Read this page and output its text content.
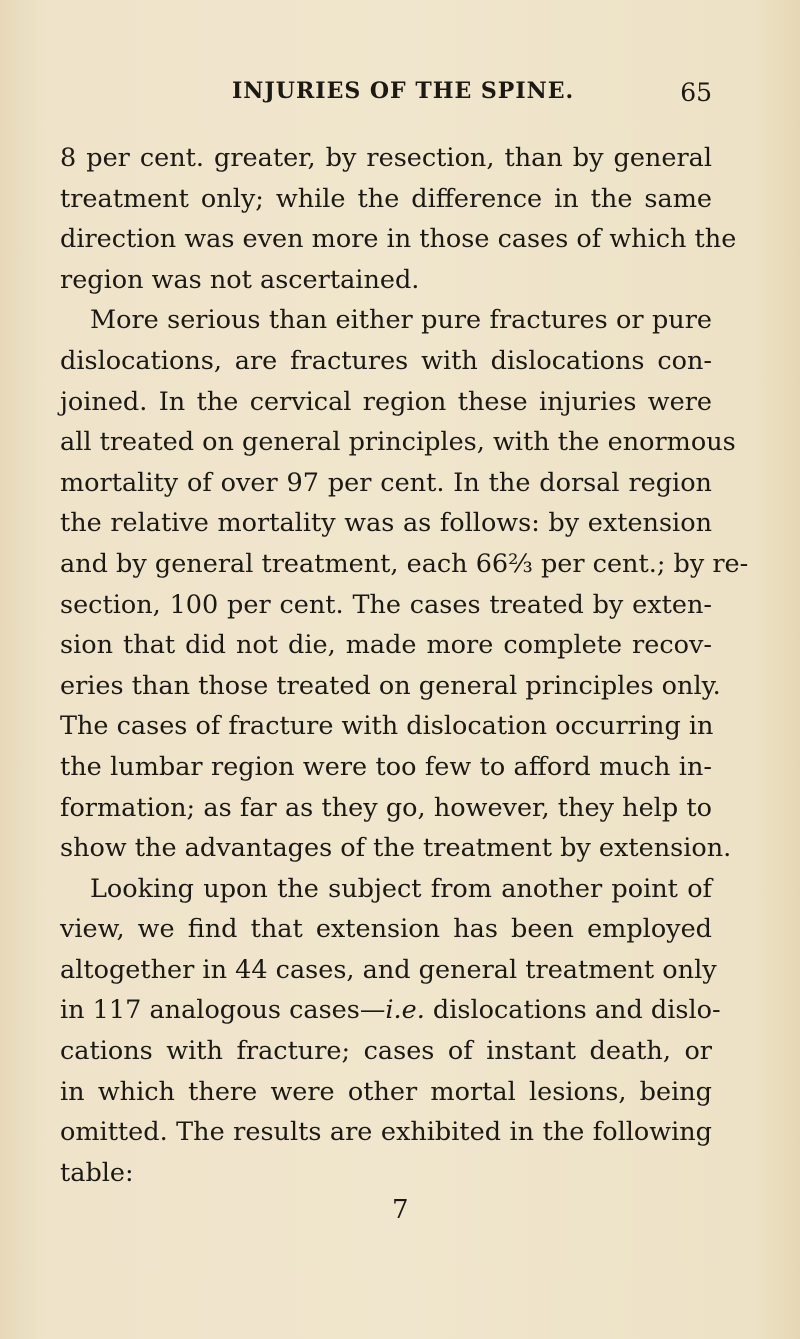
INJURIES OF THE SPINE.	65
8 per cent. greater, by resection, than by general
treatment only; while the difference in the same
direction was even more in those cases of which the
region was not ascertained.
More serious than either pure fractures or pure
dislocations, are fractures with dislocations con-
joined. In the cervical region these injuries were
all treated on general principles, with the enormous
mortality of over 97 per cent. In the dorsal region
the relative mortality was as follows: by extension
and by general treatment, each 66⅔ per cent.; by re-
section, 100 per cent. The cases treated by exten-
sion that did not die, made more complete recov-
eries than those treated on general principles only.
The cases of fracture with dislocation occurring in
the lumbar region were too few to afford much in-
formation; as far as they go, however, they help to
show the advantages of the treatment by extension.
Looking upon the subject from another point of
view, we find that extension has been employed
altogether in 44 cases, and general treatment only
in 117 analogous cases—i.e. dislocations and dislo-
cations with fracture; cases of instant death, or
in which there were other mortal lesions, being
omitted. The results are exhibited in the following
table:
7
